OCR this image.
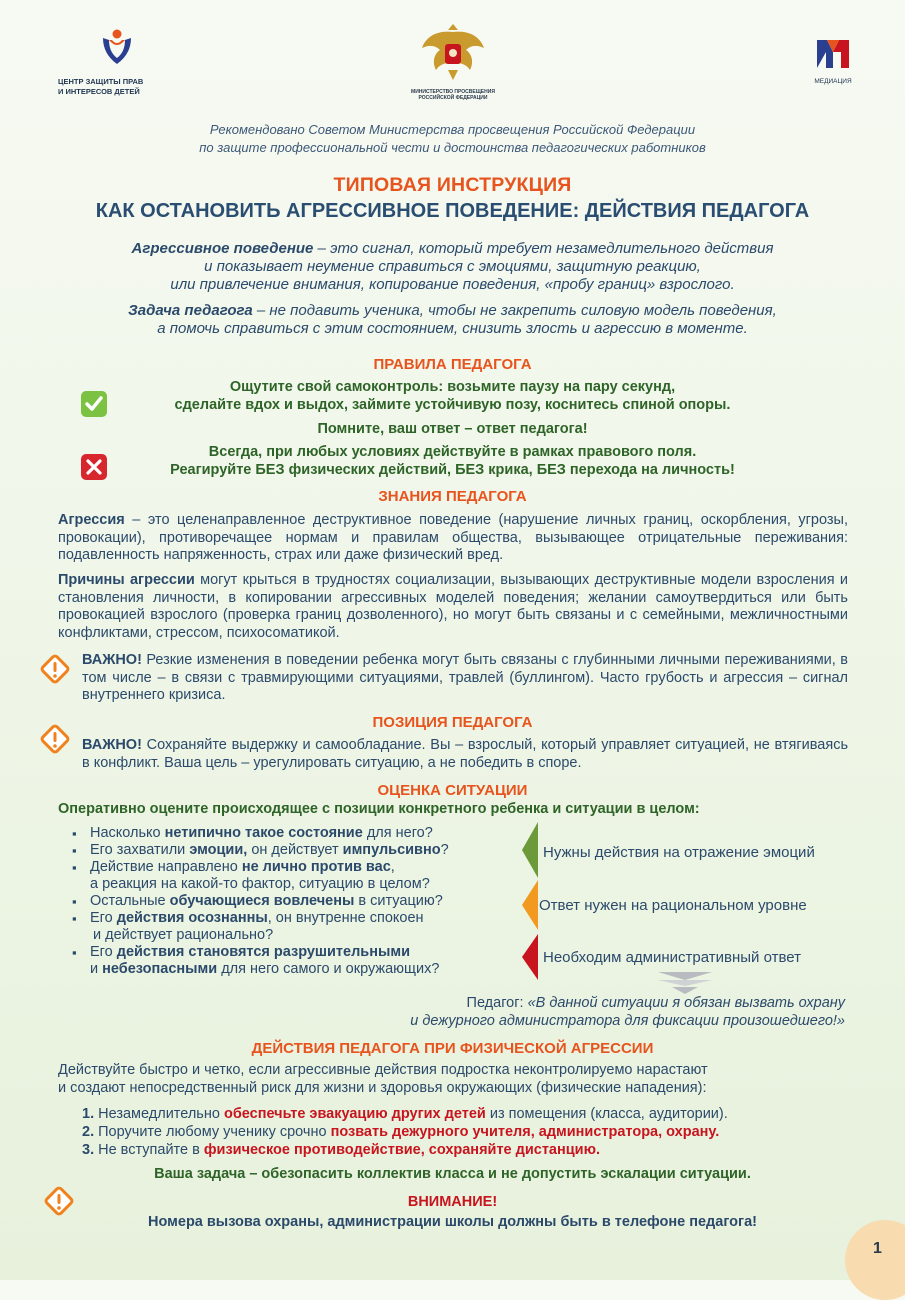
ЦЕНТР ЗАЩИТЫ ПРАВ
И ИНТЕРЕСОВ ДЕТЕЙ	МИНИСТЕРСТВО ПРОСВЕЩЕНИЯ
РОССИЙСКОЙ ФЕДЕРАЦИИ
МЕДИАЦИЯ
Рекомендовано Советом Министерства просвещения Российской Федерации
по защите профессиональной чести и достоинства педагогических работников
ТИПОВАЯ ИНСТРУКЦИЯ
КАК ОСТАНОВИТЬ АГРЕССИВНОЕ ПОВЕДЕНИЕ: ДЕЙСТВИЯ ПЕДАГОГА
Агрессивное поведение – это сигнал, который требует незамедлительного действия
и показывает неумение справиться с эмоциями, защитную реакцию,
или привлечение внимания, копирование поведения, «пробу границ» взрослого.
Задача педагога – не подавить ученика, чтобы не закрепить силовую модель поведения,
а помочь справиться с этим состоянием, снизить злость и агрессию в моменте.
ПРАВИЛА ПЕДАГОГА
Ощутите свой самоконтроль: возьмите паузу на пару секунд,
сделайте вдох и выдох, займите устойчивую позу, коснитесь спиной опоры.
Помните, ваш ответ – ответ педагога!
Всегда, при любых условиях действуйте в рамках правового поля.
Реагируйте БЕЗ физических действий, БЕЗ крика, БЕЗ перехода на личность!
ЗНАНИЯ ПЕДАГОГА
Агрессия – это целенаправленное деструктивное поведение (нарушение личных границ, оскорбления, угрозы, провокации), противоречащее нормам и правилам общества, вызывающее отрицательные переживания: подавленность напряженность, страх или даже физический вред.
Причины агрессии могут крыться в трудностях социализации, вызывающих деструктивные модели взросления и становления личности, в копировании агрессивных моделей поведения; желании самоутвердиться или быть провокацией взрослого (проверка границ дозволенного), но могут быть связаны и с семейными, межличностными конфликтами, стрессом, психосоматикой.
ВАЖНО! Резкие изменения в поведении ребенка могут быть связаны с глубинными личными переживаниями, в том числе – в связи с травмирующими ситуациями, травлей (буллингом). Часто грубость и агрессия – сигнал внутреннего кризиса.
ПОЗИЦИЯ ПЕДАГОГА
ВАЖНО! Сохраняйте выдержку и самообладание. Вы – взрослый, который управляет ситуацией, не втягиваясь в конфликт. Ваша цель – урегулировать ситуацию, а не победить в споре.
ОЦЕНКА СИТУАЦИИ
Оперативно оцените происходящее с позиции конкретного ребенка и ситуации в целом:
▪ Насколько нетипично такое состояние для него?
▪ Его захватили эмоции, он действует импульсивно?
▪ Действие направлено не лично против вас,
а реакция на какой-то фактор, ситуацию в целом?
▪ Остальные обучающиеся вовлечены в ситуацию?
▪ Его действия осознанны, он внутренне спокоен
и действует рационально?
▪ Его действия становятся разрушительными
и небезопасными для него самого и окружающих?
Нужны действия на отражение эмоций
Ответ нужен на рациональном уровне
Необходим административный ответ
Педагог: «В данной ситуации я обязан вызвать охрану
и дежурного администратора для фиксации произошедшего!»
ДЕЙСТВИЯ ПЕДАГОГА ПРИ ФИЗИЧЕСКОЙ АГРЕССИИ
Действуйте быстро и четко, если агрессивные действия подростка неконтролируемо нарастают
и создают непосредственный риск для жизни и здоровья окружающих (физические нападения):
1. Незамедлительно обеспечьте эвакуацию других детей из помещения (класса, аудитории).
2. Поручите любому ученику срочно позвать дежурного учителя, администратора, охрану.
3. Не вступайте в физическое противодействие, сохраняйте дистанцию.
Ваша задача – обезопасить коллектив класса и не допустить эскалации ситуации.
ВНИМАНИЕ!
Номера вызова охраны, администрации школы должны быть в телефоне педагога!
1
